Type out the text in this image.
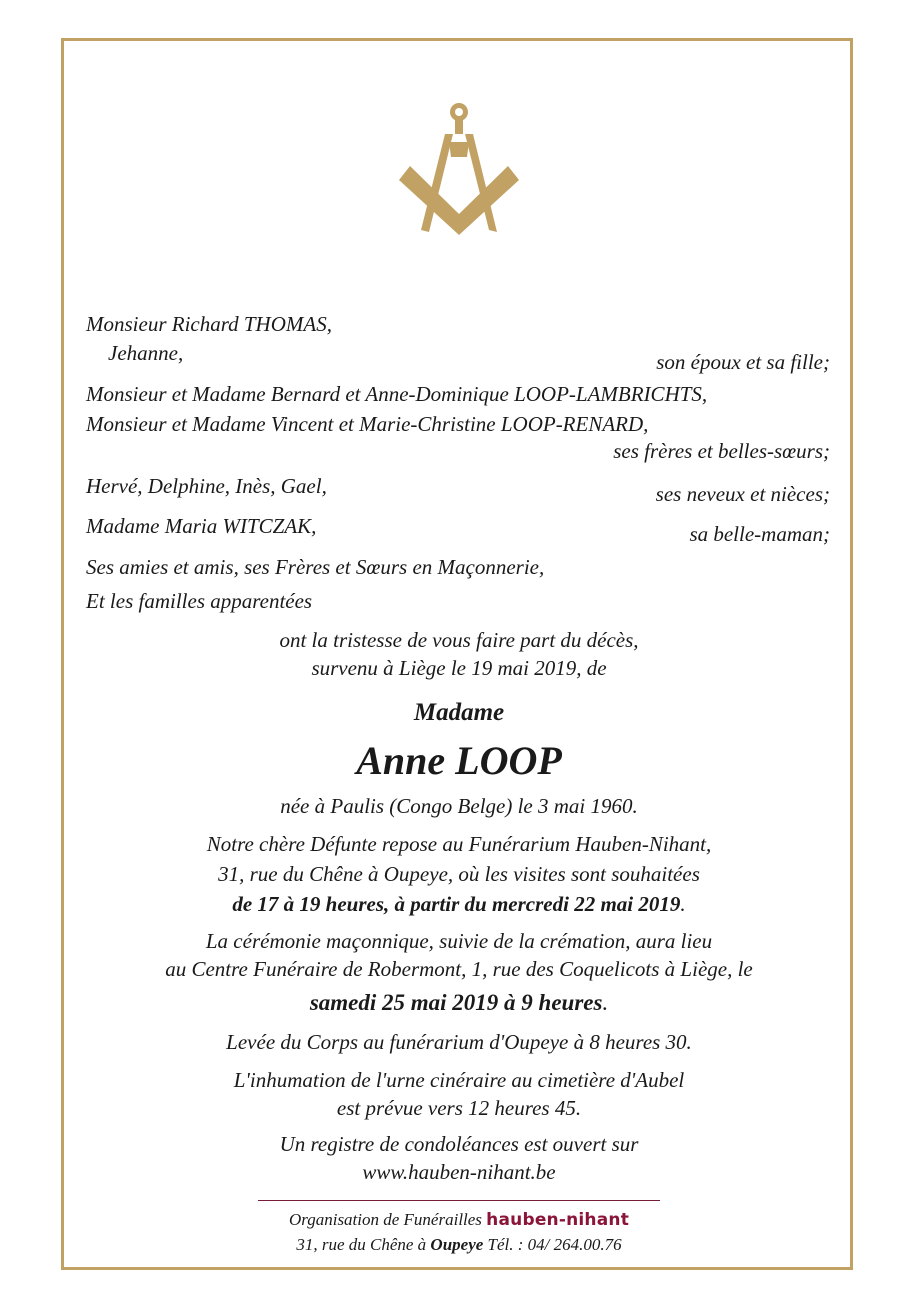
Monsieur Richard THOMAS,
Jehanne,	son époux et sa fille;
Monsieur et Madame Bernard et Anne-Dominique LOOP-LAMBRICHTS,
Monsieur et Madame Vincent et Marie-Christine LOOP-RENARD,
ses frères et belles-sœurs;
Hervé, Delphine, Inès, Gael,	ses neveux et nièces;
Madame Maria WITCZAK,	sa belle-maman;
Ses amies et amis, ses Frères et Sœurs en Maçonnerie,
Et les familles apparentées
ont la tristesse de vous faire part du décès,
survenu à Liège le 19 mai 2019, de
Madame
Anne LOOP
née à Paulis (Congo Belge) le 3 mai 1960.
Notre chère Défunte repose au Funérarium Hauben-Nihant,
31, rue du Chêne à Oupeye, où les visites sont souhaitées
de 17 à 19 heures, à partir du mercredi 22 mai 2019.
La cérémonie maçonnique, suivie de la crémation, aura lieu
au Centre Funéraire de Robermont, 1, rue des Coquelicots à Liège, le
samedi 25 mai 2019 à 9 heures.
Levée du Corps au funérarium d'Oupeye à 8 heures 30.
L'inhumation de l'urne cinéraire au cimetière d'Aubel
est prévue vers 12 heures 45.
Un registre de condoléances est ouvert sur
www.hauben-nihant.be
Organisation de Funérailles hauben-nihant
31, rue du Chêne à Oupeye Tél. : 04/ 264.00.76
